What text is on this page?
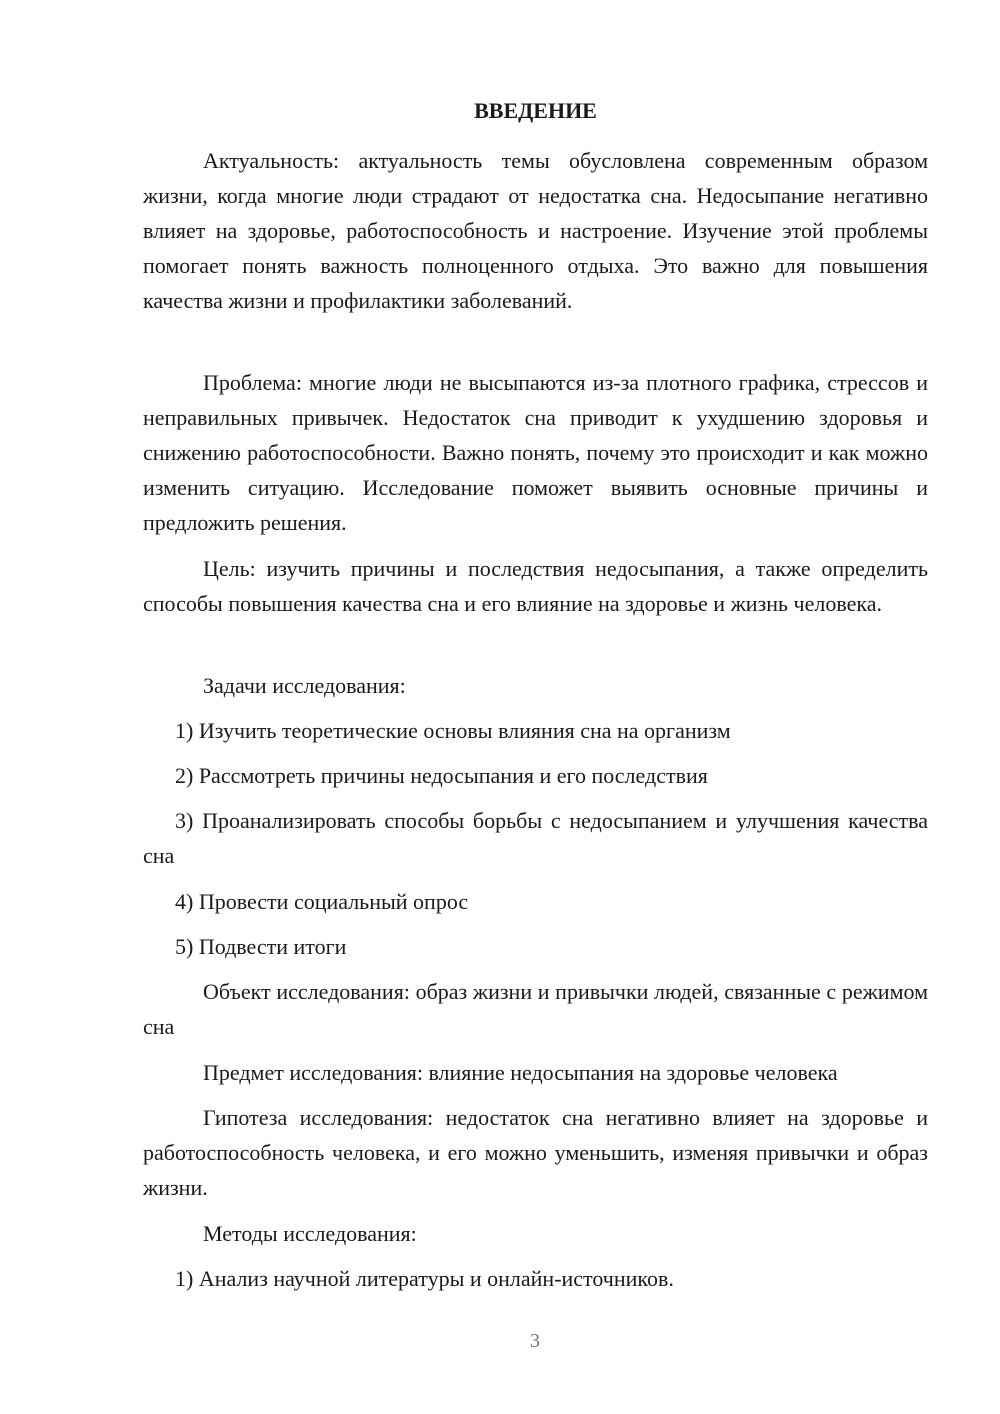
ВВЕДЕНИЕ

Актуальность: актуальность темы обусловлена современным образом жизни, когда многие люди страдают от недостатка сна. Недосыпание негативно влияет на здоровье, работоспособность и настроение. Изучение этой проблемы помогает понять важность полноценного отдыха. Это важно для повышения качества жизни и профилактики заболеваний.

Проблема: многие люди не высыпаются из-за плотного графика, стрессов и неправильных привычек. Недостаток сна приводит к ухудшению здоровья и снижению работоспособности. Важно понять, почему это происходит и как можно изменить ситуацию. Исследование поможет выявить основные причины и предложить решения.

Цель: изучить причины и последствия недосыпания, а также определить способы повышения качества сна и его влияние на здоровье и жизнь человека.

Задачи исследования:

1) Изучить теоретические основы влияния сна на организм

2) Рассмотреть причины недосыпания и его последствия

3) Проанализировать способы борьбы с недосыпанием и улучшения качества сна

4) Провести социальный опрос

5) Подвести итоги

Объект исследования: образ жизни и привычки людей, связанные с режимом сна

Предмет исследования: влияние недосыпания на здоровье человека

Гипотеза исследования: недостаток сна негативно влияет на здоровье и работоспособность человека, и его можно уменьшить, изменяя привычки и образ жизни.

Методы исследования:

1) Анализ научной литературы и онлайн-источников.

3
